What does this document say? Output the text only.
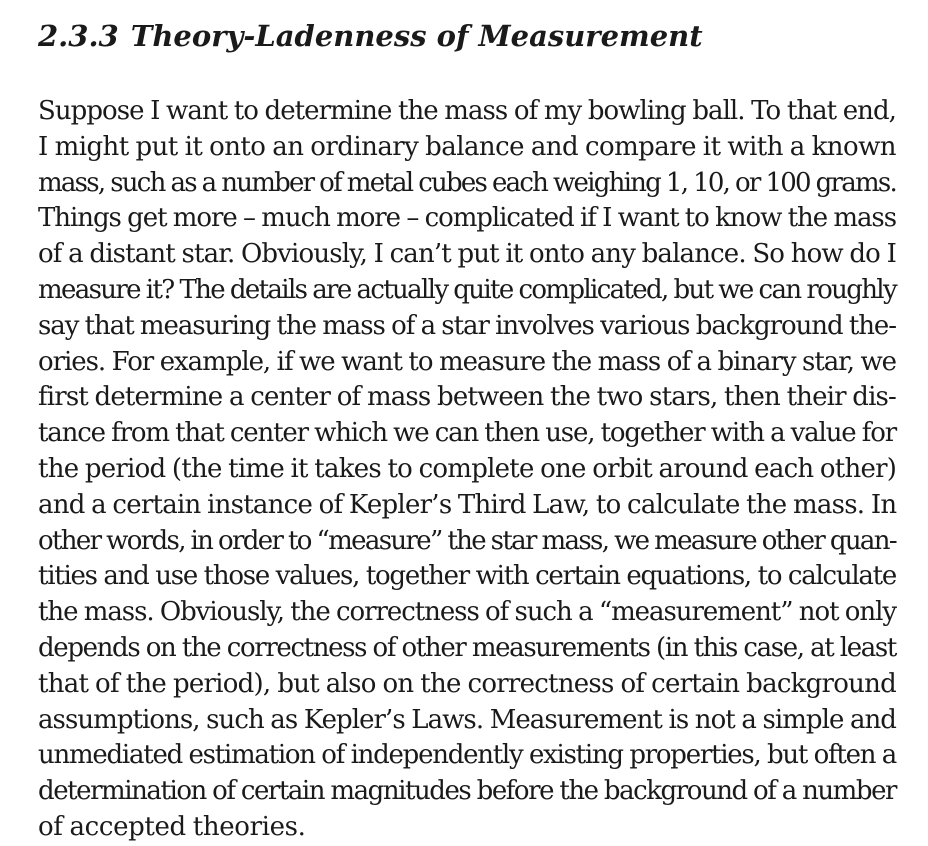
2.3.3 Theory-Ladenness of Measurement
Suppose I want to determine the mass of my bowling ball. To that end,
I might put it onto an ordinary balance and compare it with a known
mass, such as a number of metal cubes each weighing 1, 10, or 100 grams.
Things get more – much more – complicated if I want to know the mass
of a distant star. Obviously, I can’t put it onto any balance. So how do I
measure it? The details are actually quite complicated, but we can roughly
say that measuring the mass of a star involves various background the-
ories. For example, if we want to measure the mass of a binary star, we
first determine a center of mass between the two stars, then their dis-
tance from that center which we can then use, together with a value for
the period (the time it takes to complete one orbit around each other)
and a certain instance of Kepler’s Third Law, to calculate the mass. In
other words, in order to “measure” the star mass, we measure other quan-
tities and use those values, together with certain equations, to calculate
the mass. Obviously, the correctness of such a “measurement” not only
depends on the correctness of other measurements (in this case, at least
that of the period), but also on the correctness of certain background
assumptions, such as Kepler’s Laws. Measurement is not a simple and
unmediated estimation of independently existing properties, but often a
determination of certain magnitudes before the background of a number
of accepted theories.
